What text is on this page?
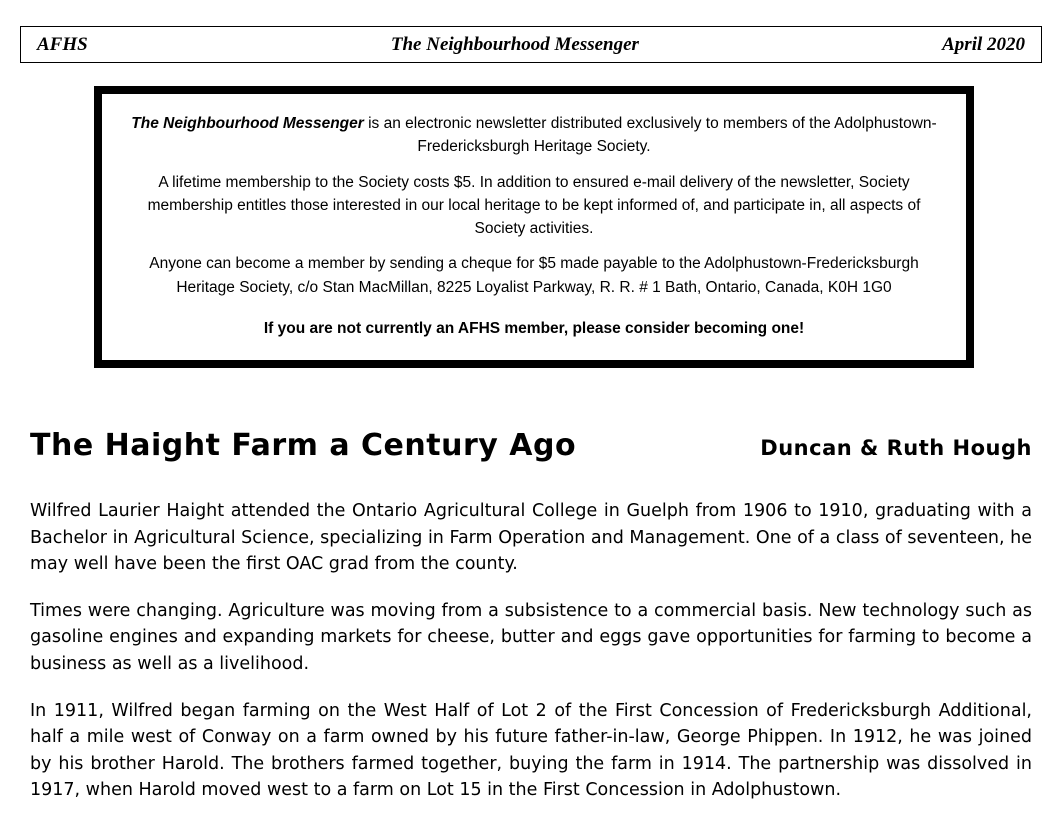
AFHS	The Neighbourhood Messenger	April 2020

The Neighbourhood Messenger is an electronic newsletter distributed exclusively to members of the Adolphustown-Fredericksburgh Heritage Society.

A lifetime membership to the Society costs $5. In addition to ensured e-mail delivery of the newsletter, Society membership entitles those interested in our local heritage to be kept informed of, and participate in, all aspects of Society activities.

Anyone can become a member by sending a cheque for $5 made payable to the Adolphustown-Fredericksburgh Heritage Society, c/o Stan MacMillan, 8225 Loyalist Parkway, R. R. # 1 Bath, Ontario, Canada, K0H 1G0

If you are not currently an AFHS member, please consider becoming one!

The Haight Farm a Century Ago	Duncan & Ruth Hough

Wilfred Laurier Haight attended the Ontario Agricultural College in Guelph from 1906 to 1910, graduating with a Bachelor in Agricultural Science, specializing in Farm Operation and Management. One of a class of seventeen, he may well have been the first OAC grad from the county.

Times were changing. Agriculture was moving from a subsistence to a commercial basis. New technology such as gasoline engines and expanding markets for cheese, butter and eggs gave opportunities for farming to become a business as well as a livelihood.

In 1911, Wilfred began farming on the West Half of Lot 2 of the First Concession of Fredericksburgh Additional, half a mile west of Conway on a farm owned by his future father-in-law, George Phippen. In 1912, he was joined by his brother Harold. The brothers farmed together, buying the farm in 1914. The partnership was dissolved in 1917, when Harold moved west to a farm on Lot 15 in the First Concession in Adolphustown.
